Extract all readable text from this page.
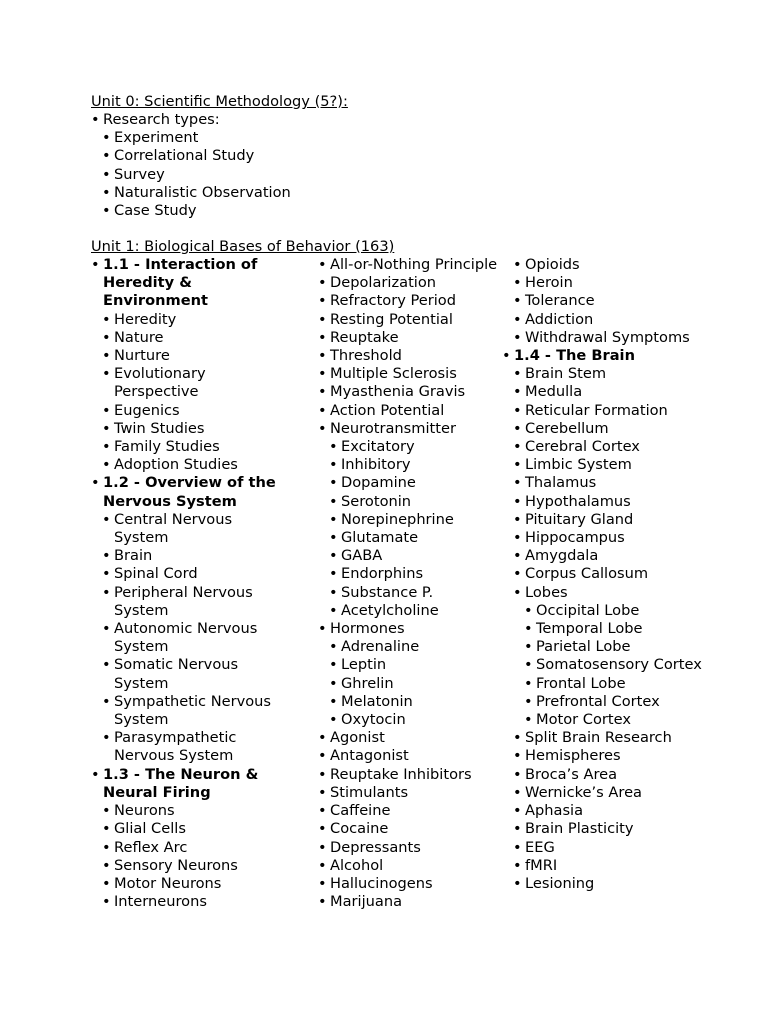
Unit 0: Scientific Methodology (5?):
• Research types:
• Experiment
• Correlational Study
• Survey
• Naturalistic Observation
• Case Study
Unit 1: Biological Bases of Behavior (163)
• 1.1 - Interaction of Heredity & Environment
• Heredity
• Nature
• Nurture
• Evolutionary Perspective
• Eugenics
• Twin Studies
• Family Studies
• Adoption Studies
• 1.2 - Overview of the Nervous System
• Central Nervous System
• Brain
• Spinal Cord
• Peripheral Nervous System
• Autonomic Nervous System
• Somatic Nervous System
• Sympathetic Nervous System
• Parasympathetic Nervous System
• 1.3 - The Neuron & Neural Firing
• Neurons
• Glial Cells
• Reflex Arc
• Sensory Neurons
• Motor Neurons
• Interneurons
• All-or-Nothing Principle
• Depolarization
• Refractory Period
• Resting Potential
• Reuptake
• Threshold
• Multiple Sclerosis
• Myasthenia Gravis
• Action Potential
• Neurotransmitter
• Excitatory
• Inhibitory
• Dopamine
• Serotonin
• Norepinephrine
• Glutamate
• GABA
• Endorphins
• Substance P.
• Acetylcholine
• Hormones
• Adrenaline
• Leptin
• Ghrelin
• Melatonin
• Oxytocin
• Agonist
• Antagonist
• Reuptake Inhibitors
• Stimulants
• Caffeine
• Cocaine
• Depressants
• Alcohol
• Hallucinogens
• Marijuana
• Opioids
• Heroin
• Tolerance
• Addiction
• Withdrawal Symptoms
• 1.4 - The Brain
• Brain Stem
• Medulla
• Reticular Formation
• Cerebellum
• Cerebral Cortex
• Limbic System
• Thalamus
• Hypothalamus
• Pituitary Gland
• Hippocampus
• Amygdala
• Corpus Callosum
• Lobes
• Occipital Lobe
• Temporal Lobe
• Parietal Lobe
• Somatosensory Cortex
• Frontal Lobe
• Prefrontal Cortex
• Motor Cortex
• Split Brain Research
• Hemispheres
• Broca’s Area
• Wernicke’s Area
• Aphasia
• Brain Plasticity
• EEG
• fMRI
• Lesioning
